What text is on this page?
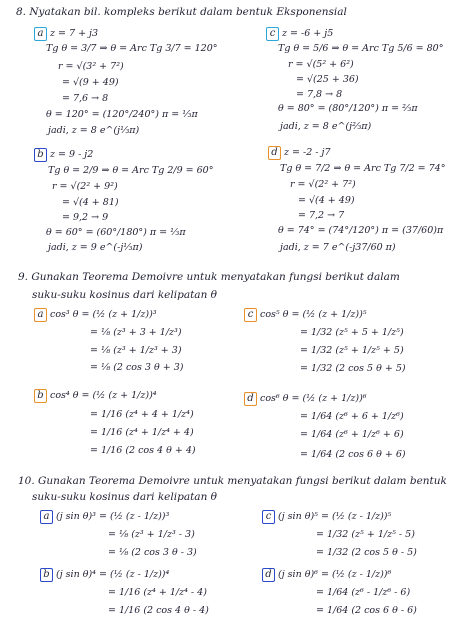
8. Nyatakan bil. kompleks berikut dalam bentuk Eksponensial
a z = 7 + j3
Tg θ = 3/7 ⇒ θ = Arc Tg 3/7 = 120°
r = √(3² + 7²)
= √(9 + 49)
= 7,6 → 8
θ = 120° = (120°/240°) π = ⅓π
jadi, z = 8 e^(j⅓π)
b z = 9 - j2
Tg θ = 2/9 ⇒ θ = Arc Tg 2/9 = 60°
r = √(2² + 9²)
= √(4 + 81)
= 9,2 → 9
θ = 60° = (60°/180°) π = ⅓π
jadi, z = 9 e^(-j⅓π)
c z = -6 + j5
Tg θ = 5/6 ⇒ θ = Arc Tg 5/6 = 80°
r = √(5² + 6²)
= √(25 + 36)
= 7,8 → 8
θ = 80° = (80°/120°) π = ⅔π
jadi, z = 8 e^(j⅔π)
d z = -2 - j7
Tg θ = 7/2 ⇒ θ = Arc Tg 7/2 = 74°
r = √(2² + 7²)
= √(4 + 49)
= 7,2 → 7
θ = 74° = (74°/120°) π = (37/60)π
jadi, z = 7 e^(-j37/60 π)
9. Gunakan Teorema Demoivre untuk menyatakan fungsi berikut dalam
suku-suku kosinus dari kelipatan θ
a cos³ θ = (½ (z + 1/z))³
= ⅛ (z³ + 3 + 1/z³)
= ⅛ (z³ + 1/z³ + 3)
= ⅛ (2 cos 3 θ + 3)
b cos⁴ θ = (½ (z + 1/z))⁴
= 1/16 (z⁴ + 4 + 1/z⁴)
= 1/16 (z⁴ + 1/z⁴ + 4)
= 1/16 (2 cos 4 θ + 4)
c cos⁵ θ = (½ (z + 1/z))⁵
= 1/32 (z⁵ + 5 + 1/z⁵)
= 1/32 (z⁵ + 1/z⁵ + 5)
= 1/32 (2 cos 5 θ + 5)
d cos⁶ θ = (½ (z + 1/z))⁶
= 1/64 (z⁶ + 6 + 1/z⁶)
= 1/64 (z⁶ + 1/z⁶ + 6)
= 1/64 (2 cos 6 θ + 6)
10. Gunakan Teorema Demoivre untuk menyatakan fungsi berikut dalam bentuk
suku-suku kosinus dari kelipatan θ
a (j sin θ)³ = (½ (z - 1/z))³
= ⅛ (z³ + 1/z³ - 3)
= ⅛ (2 cos 3 θ - 3)
b (j sin θ)⁴ = (½ (z - 1/z))⁴
= 1/16 (z⁴ + 1/z⁴ - 4)
= 1/16 (2 cos 4 θ - 4)
c (j sin θ)⁵ = (½ (z - 1/z))⁵
= 1/32 (z⁵ + 1/z⁵ - 5)
= 1/32 (2 cos 5 θ - 5)
d (j sin θ)⁶ = (½ (z - 1/z))⁶
= 1/64 (z⁶ - 1/z⁶ - 6)
= 1/64 (2 cos 6 θ - 6)
